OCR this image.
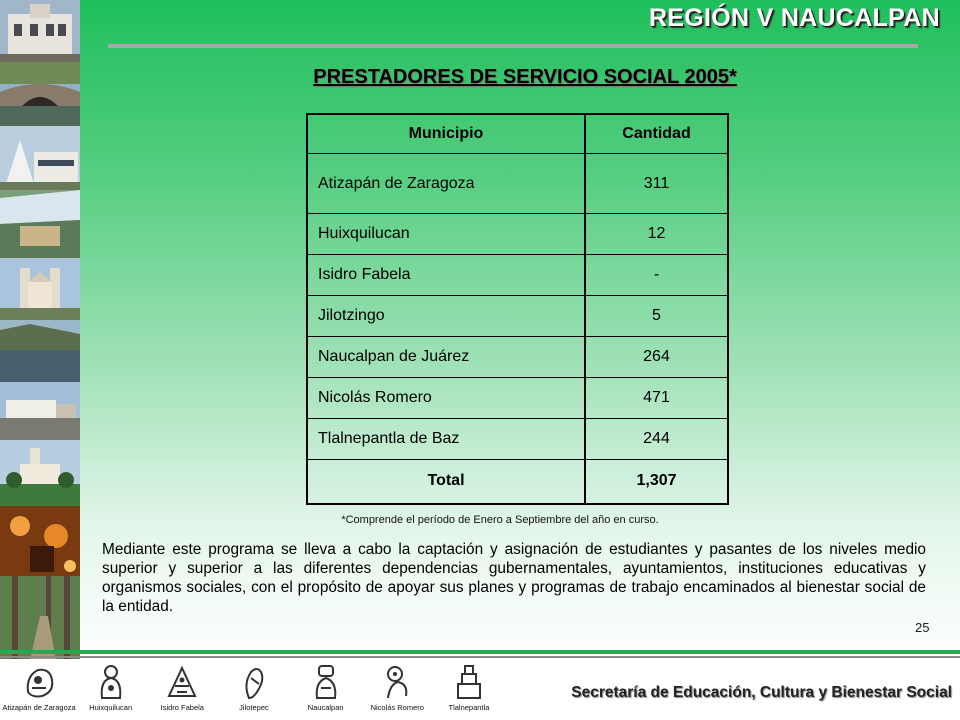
REGIÓN V NAUCALPAN
PRESTADORES DE SERVICIO SOCIAL 2005*
Municipio	Cantidad
Atizapán de Zaragoza	311
Huixquilucan	12
Isidro Fabela	-
Jilotzingo	5
Naucalpan de Juárez	264
Nicolás Romero	471
Tlalnepantla de Baz	244
Total	1,307
*Comprende el período de Enero a Septiembre del año en curso.
Mediante este programa se lleva a cabo la captación y asignación de estudiantes y pasantes de los niveles medio superior y superior a las diferentes dependencias gubernamentales, ayuntamientos, instituciones educativas y organismos sociales, con el propósito de apoyar sus planes y programas de trabajo encaminados al bienestar social de la entidad.
25
Atizapán de Zaragoza Huixquilucan	Isidro Fabela	Jilotepec	Naucalpan	Nicolás Romero	Tlalnepantla
Secretaría de Educación, Cultura y Bienestar Social
